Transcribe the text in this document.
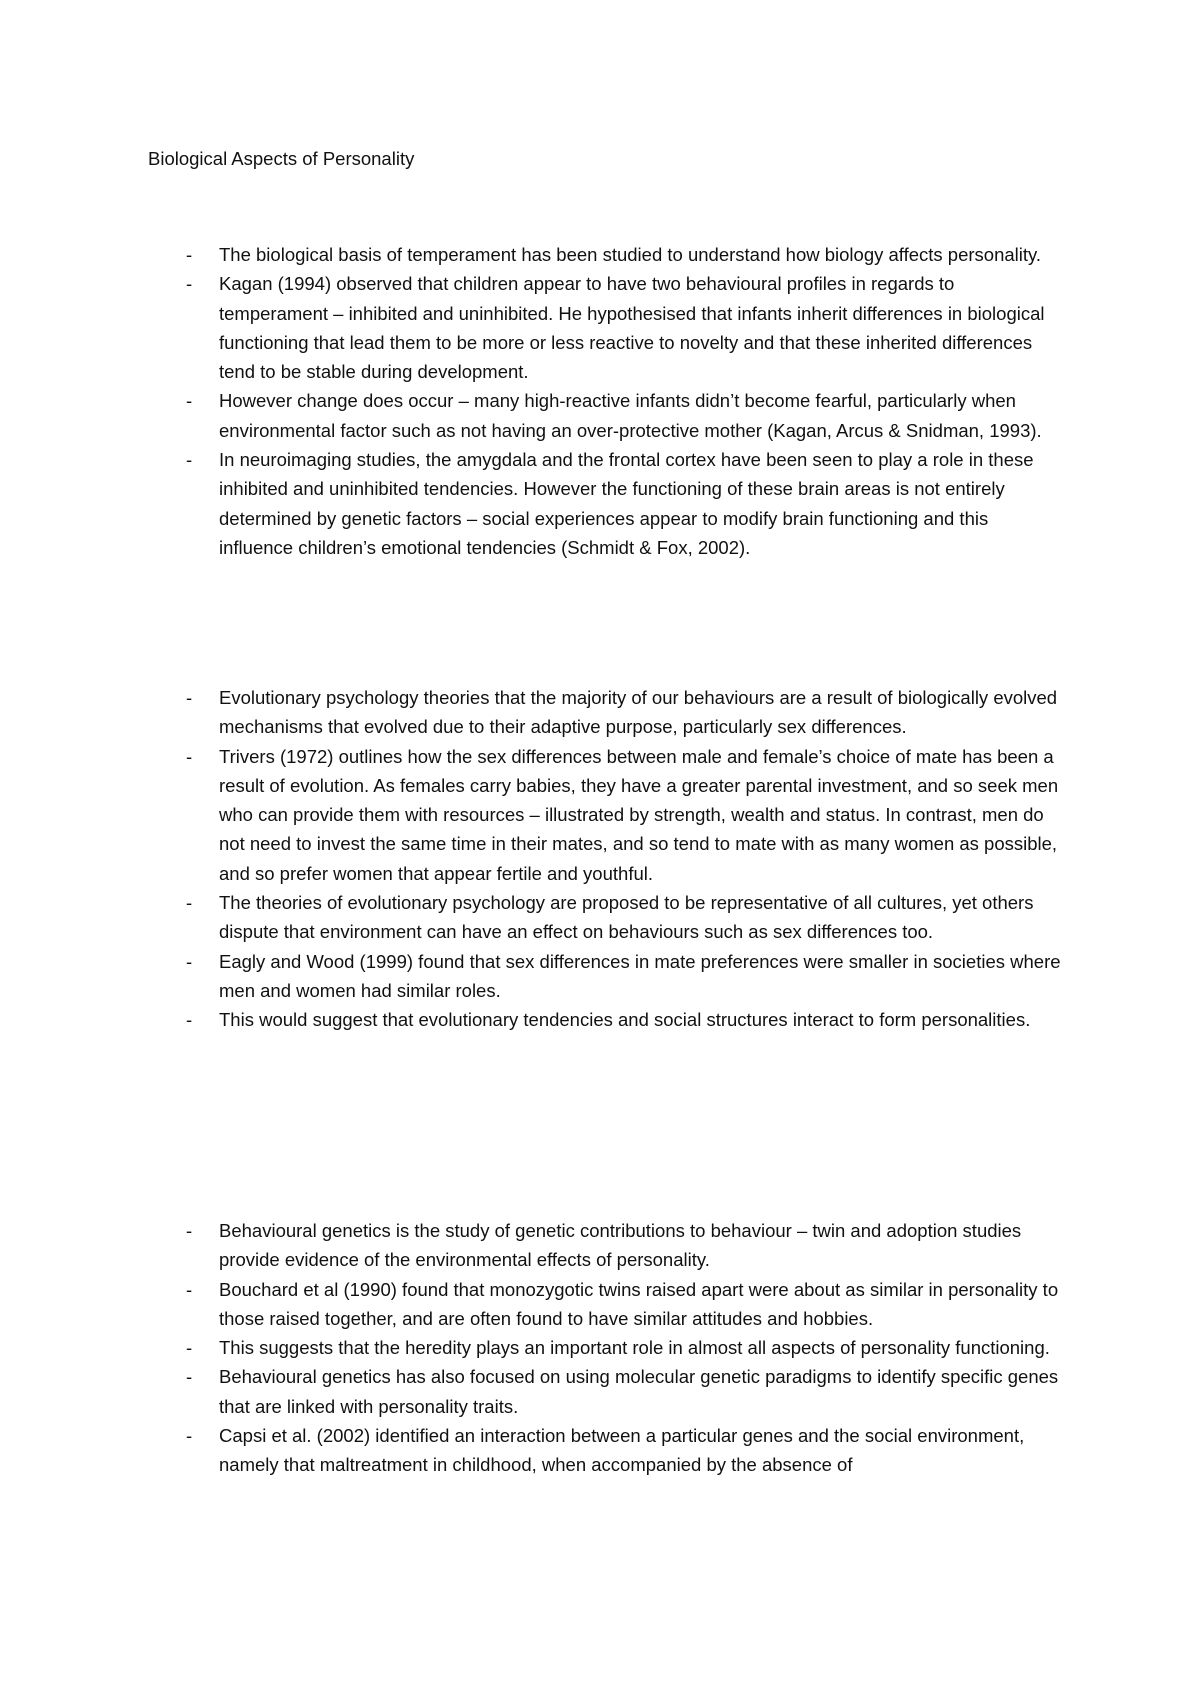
Biological Aspects of Personality
- The biological basis of temperament has been studied to understand how biology affects personality.
- Kagan (1994) observed that children appear to have two behavioural profiles in regards to temperament – inhibited and uninhibited. He hypothesised that infants inherit differences in biological functioning that lead them to be more or less reactive to novelty and that these inherited differences tend to be stable during development.
- However change does occur – many high-reactive infants didn’t become fearful, particularly when environmental factor such as not having an over-protective mother (Kagan, Arcus & Snidman, 1993).
- In neuroimaging studies, the amygdala and the frontal cortex have been seen to play a role in these inhibited and uninhibited tendencies. However the functioning of these brain areas is not entirely determined by genetic factors – social experiences appear to modify brain functioning and this influence children’s emotional tendencies (Schmidt & Fox, 2002).
- Evolutionary psychology theories that the majority of our behaviours are a result of biologically evolved mechanisms that evolved due to their adaptive purpose, particularly sex differences.
- Trivers (1972) outlines how the sex differences between male and female’s choice of mate has been a result of evolution. As females carry babies, they have a greater parental investment, and so seek men who can provide them with resources – illustrated by strength, wealth and status. In contrast, men do not need to invest the same time in their mates, and so tend to mate with as many women as possible, and so prefer women that appear fertile and youthful.
- The theories of evolutionary psychology are proposed to be representative of all cultures, yet others dispute that environment can have an effect on behaviours such as sex differences too.
- Eagly and Wood (1999) found that sex differences in mate preferences were smaller in societies where men and women had similar roles.
- This would suggest that evolutionary tendencies and social structures interact to form personalities.
- Behavioural genetics is the study of genetic contributions to behaviour – twin and adoption studies provide evidence of the environmental effects of personality.
- Bouchard et al (1990) found that monozygotic twins raised apart were about as similar in personality to those raised together, and are often found to have similar attitudes and hobbies.
- This suggests that the heredity plays an important role in almost all aspects of personality functioning.
- Behavioural genetics has also focused on using molecular genetic paradigms to identify specific genes that are linked with personality traits.
- Capsi et al. (2002) identified an interaction between a particular genes and the social environment, namely that maltreatment in childhood, when accompanied by the absence of
